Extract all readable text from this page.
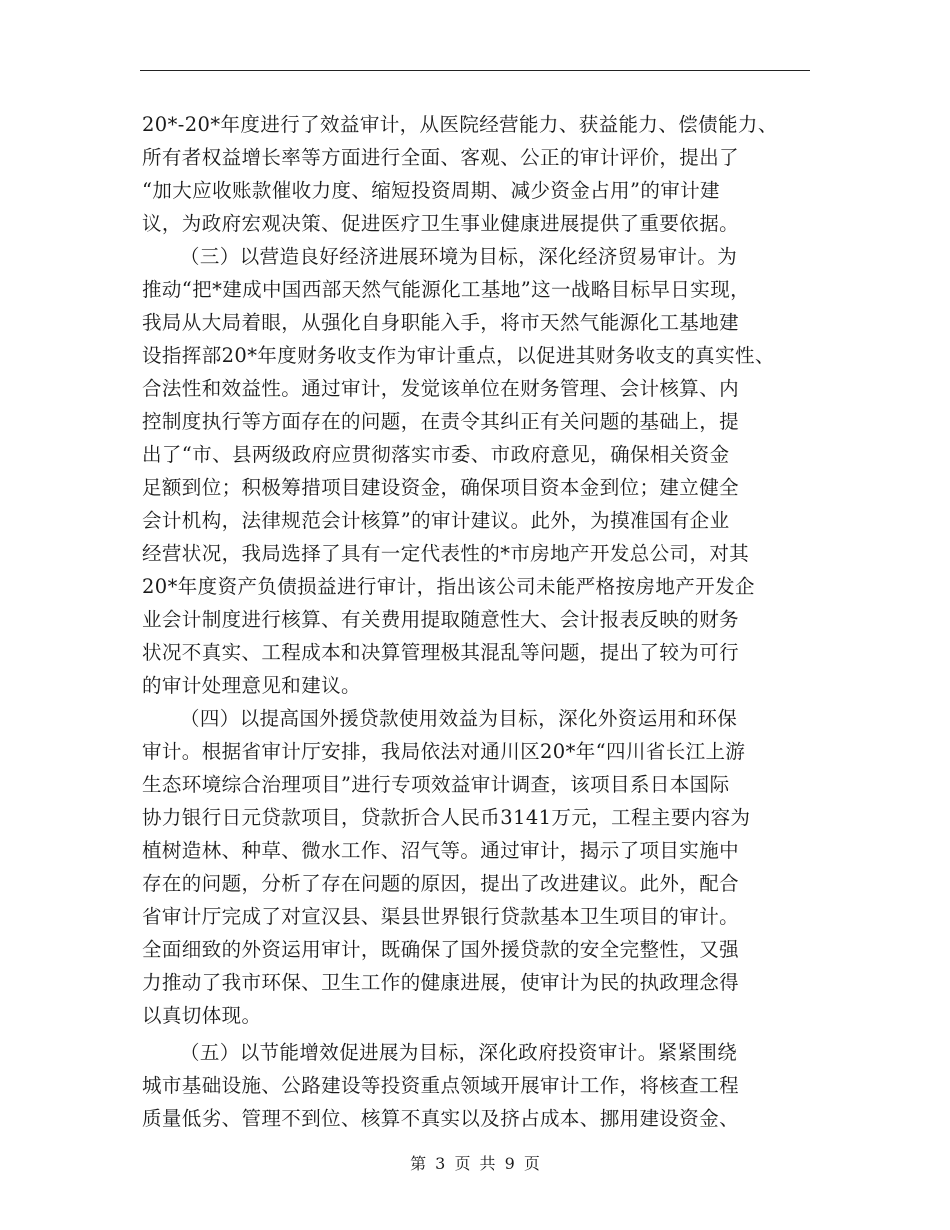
20*-20*年度进行了效益审计，从医院经营能力、获益能力、偿债能力、
所有者权益增长率等方面进行全面、客观、公正的审计评价，提出了
“加大应收账款催收力度、缩短投资周期、减少资金占用”的审计建
议，为政府宏观决策、促进医疗卫生事业健康进展提供了重要依据。
（三）以营造良好经济进展环境为目标，深化经济贸易审计。为
推动“把*建成中国西部天然气能源化工基地”这一战略目标早日实现，
我局从大局着眼，从强化自身职能入手，将市天然气能源化工基地建
设指挥部20*年度财务收支作为审计重点，以促进其财务收支的真实性、
合法性和效益性。通过审计，发觉该单位在财务管理、会计核算、内
控制度执行等方面存在的问题，在责令其纠正有关问题的基础上，提
出了“市、县两级政府应贯彻落实市委、市政府意见，确保相关资金
足额到位；积极筹措项目建设资金，确保项目资本金到位；建立健全
会计机构，法律规范会计核算”的审计建议。此外，为摸准国有企业
经营状况，我局选择了具有一定代表性的*市房地产开发总公司，对其
20*年度资产负债损益进行审计，指出该公司未能严格按房地产开发企
业会计制度进行核算、有关费用提取随意性大、会计报表反映的财务
状况不真实、工程成本和决算管理极其混乱等问题，提出了较为可行
的审计处理意见和建议。
（四）以提高国外援贷款使用效益为目标，深化外资运用和环保
审计。根据省审计厅安排，我局依法对通川区20*年“四川省长江上游
生态环境综合治理项目”进行专项效益审计调查，该项目系日本国际
协力银行日元贷款项目，贷款折合人民币3141万元，工程主要内容为
植树造林、种草、微水工作、沼气等。通过审计，揭示了项目实施中
存在的问题，分析了存在问题的原因，提出了改进建议。此外，配合
省审计厅完成了对宣汉县、渠县世界银行贷款基本卫生项目的审计。
全面细致的外资运用审计，既确保了国外援贷款的安全完整性，又强
力推动了我市环保、卫生工作的健康进展，使审计为民的执政理念得
以真切体现。
（五）以节能增效促进展为目标，深化政府投资审计。紧紧围绕
城市基础设施、公路建设等投资重点领域开展审计工作，将核查工程
质量低劣、管理不到位、核算不真实以及挤占成本、挪用建设资金、
第 3 页 共 9 页
